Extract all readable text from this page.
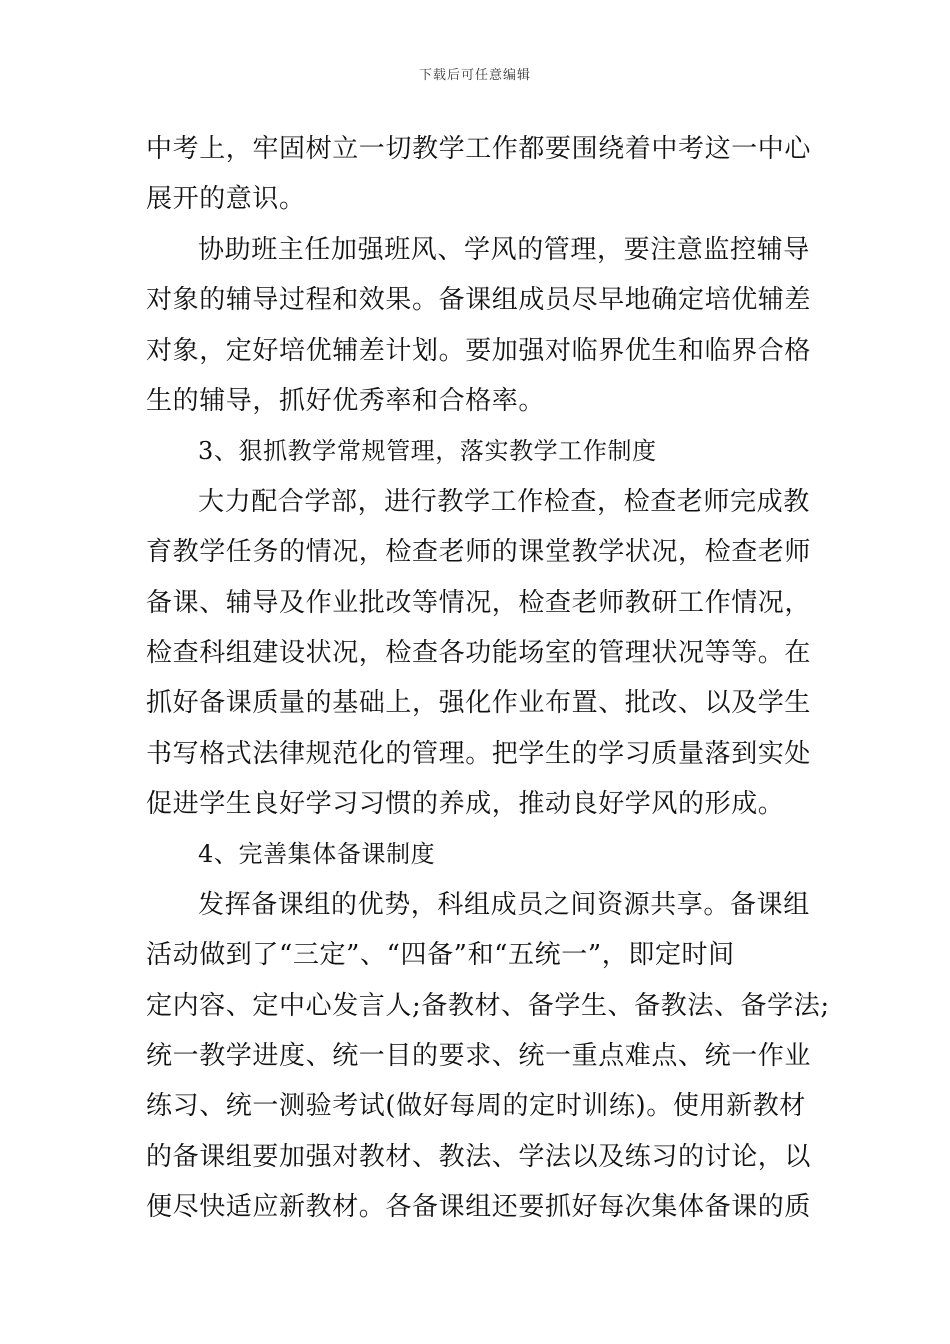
下载后可任意编辑
中考上，牢固树立一切教学工作都要围绕着中考这一中心
展开的意识。
协助班主任加强班风、学风的管理，要注意监控辅导
对象的辅导过程和效果。备课组成员尽早地确定培优辅差
对象，定好培优辅差计划。要加强对临界优生和临界合格
生的辅导，抓好优秀率和合格率。
3、狠抓教学常规管理，落实教学工作制度
大力配合学部，进行教学工作检查，检查老师完成教
育教学任务的情况，检查老师的课堂教学状况，检查老师
备课、辅导及作业批改等情况，检查老师教研工作情况，
检查科组建设状况，检查各功能场室的管理状况等等。在
抓好备课质量的基础上，强化作业布置、批改、以及学生
书写格式法律规范化的管理。把学生的学习质量落到实处
促进学生良好学习习惯的养成，推动良好学风的形成。
4、完善集体备课制度
发挥备课组的优势，科组成员之间资源共享。备课组
活动做到了“三定”、“四备”和“五统一”，即定时间
定内容、定中心发言人;备教材、备学生、备教法、备学法;
统一教学进度、统一目的要求、统一重点难点、统一作业
练习、统一测验考试(做好每周的定时训练)。使用新教材
的备课组要加强对教材、教法、学法以及练习的讨论，以
便尽快适应新教材。各备课组还要抓好每次集体备课的质
